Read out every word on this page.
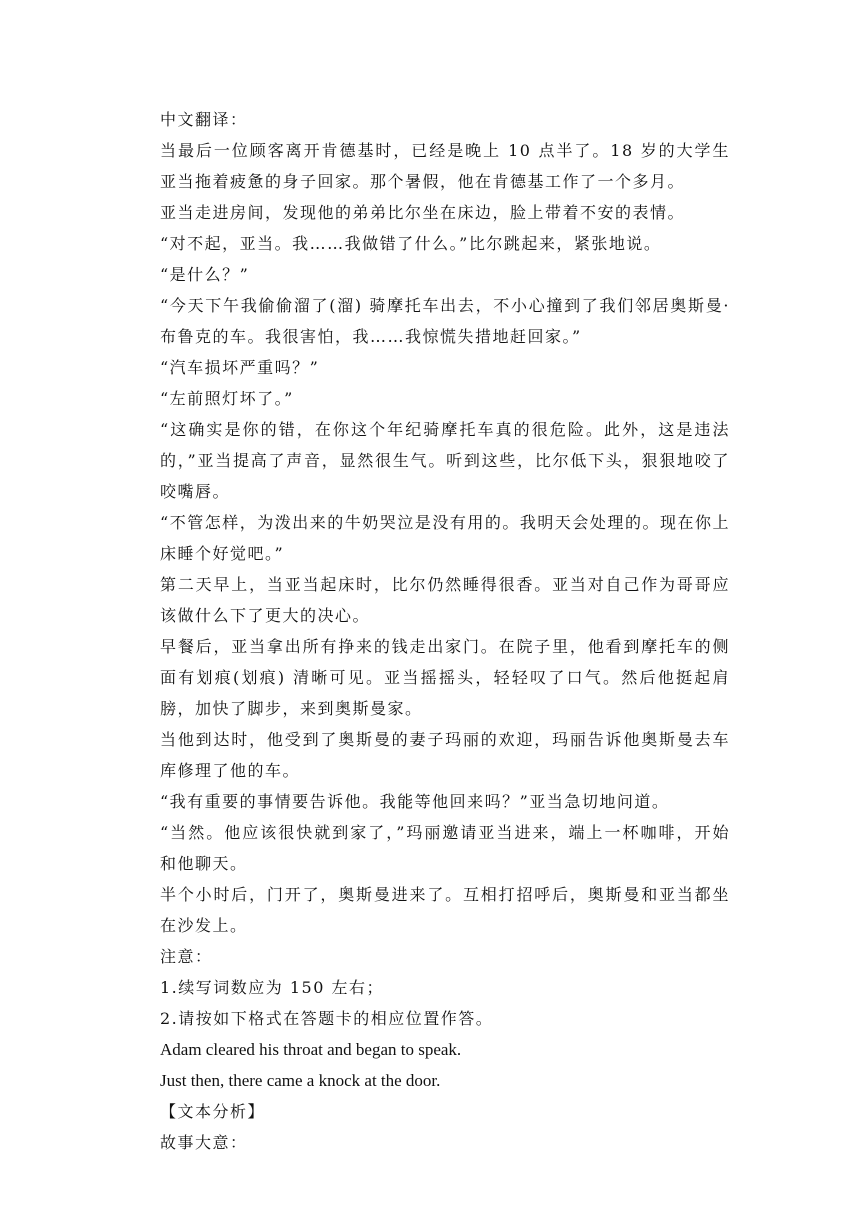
中文翻译：

当最后一位顾客离开肯德基时，已经是晚上 10 点半了。18 岁的大学生亚当拖着疲惫的身子回家。那个暑假，他在肯德基工作了一个多月。

亚当走进房间，发现他的弟弟比尔坐在床边，脸上带着不安的表情。

“对不起，亚当。我……我做错了什么。”比尔跳起来，紧张地说。

“是什么？”

“今天下午我偷偷溜了(溜) 骑摩托车出去，不小心撞到了我们邻居奥斯曼·布鲁克的车。我很害怕，我……我惊慌失措地赶回家。”

“汽车损坏严重吗？”

“左前照灯坏了。”

“这确实是你的错，在你这个年纪骑摩托车真的很危险。此外，这是违法的，”亚当提高了声音，显然很生气。听到这些，比尔低下头，狠狠地咬了咬嘴唇。

“不管怎样，为泼出来的牛奶哭泣是没有用的。我明天会处理的。现在你上床睡个好觉吧。”

第二天早上，当亚当起床时，比尔仍然睡得很香。亚当对自己作为哥哥应该做什么下了更大的决心。

早餐后，亚当拿出所有挣来的钱走出家门。在院子里，他看到摩托车的侧面有划痕(划痕) 清晰可见。亚当摇摇头，轻轻叹了口气。然后他挺起肩膀，加快了脚步，来到奥斯曼家。

当他到达时，他受到了奥斯曼的妻子玛丽的欢迎，玛丽告诉他奥斯曼去车库修理了他的车。

“我有重要的事情要告诉他。我能等他回来吗？”亚当急切地问道。

“当然。他应该很快就到家了，”玛丽邀请亚当进来，端上一杯咖啡，开始和他聊天。

半个小时后，门开了，奥斯曼进来了。互相打招呼后，奥斯曼和亚当都坐在沙发上。

注意：

1.续写词数应为 150 左右；

2.请按如下格式在答题卡的相应位置作答。

Adam cleared his throat and began to speak.

Just then, there came a knock at the door.

【文本分析】

故事大意：
